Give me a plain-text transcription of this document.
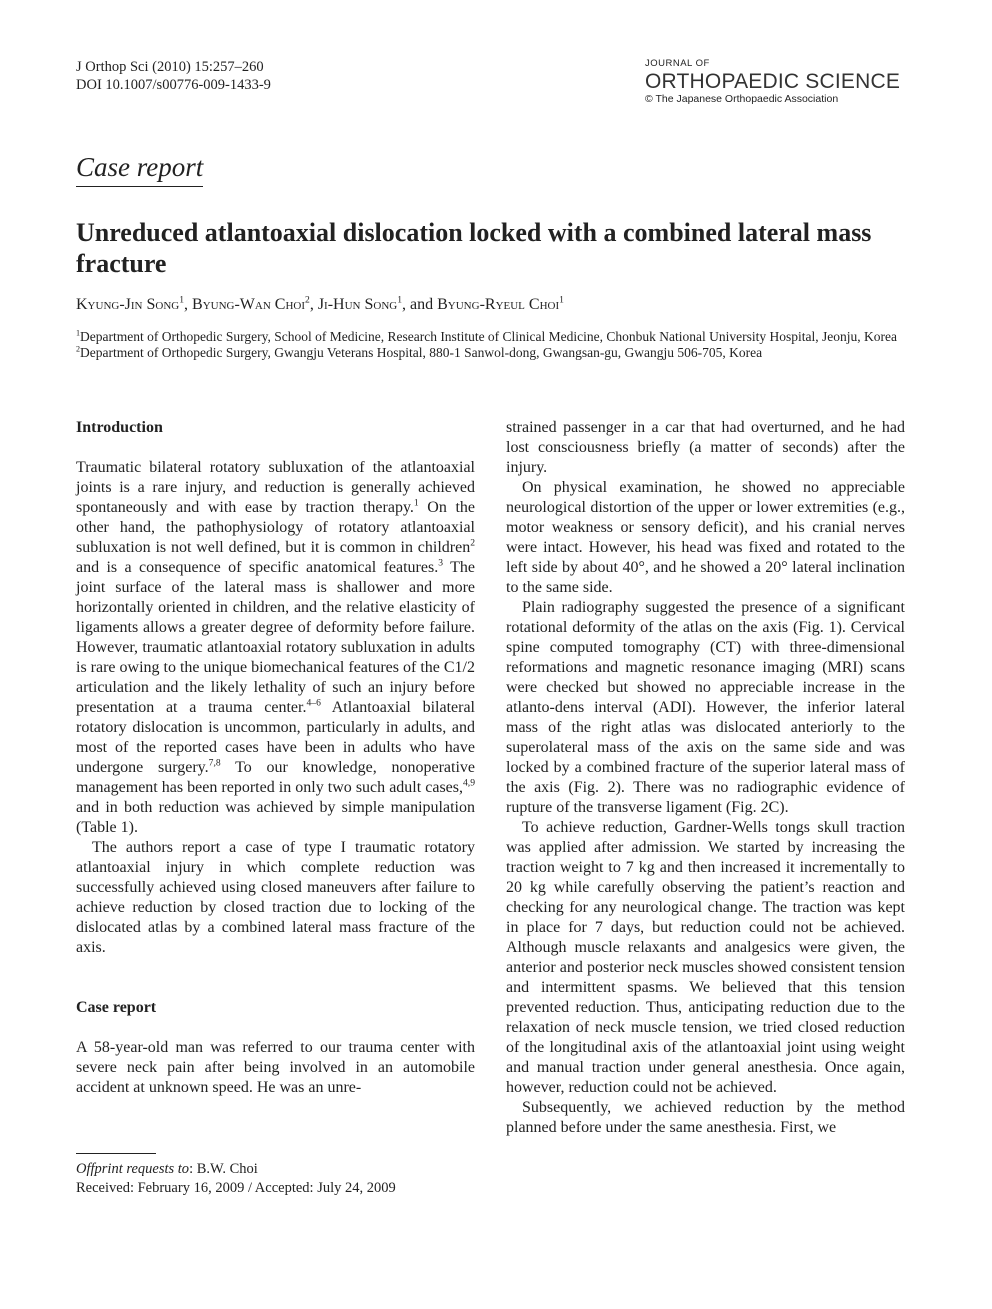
J Orthop Sci (2010) 15:257–260
DOI 10.1007/s00776-009-1433-9
JOURNAL OF
ORTHOPAEDIC SCIENCE
© The Japanese Orthopaedic Association
Case report
Unreduced atlantoaxial dislocation locked with a combined lateral mass fracture
Kyung-Jin Song$^1$, Byung-Wan Choi$^2$, Ji-Hun Song$^1$, and Byung-Ryeul Choi$^1$
$^1$Department of Orthopedic Surgery, School of Medicine, Research Institute of Clinical Medicine, Chonbuk National University Hospital, Jeonju, Korea
$^2$Department of Orthopedic Surgery, Gwangju Veterans Hospital, 880-1 Sanwol-dong, Gwangsan-gu, Gwangju 506-705, Korea
Introduction

Traumatic bilateral rotatory subluxation of the atlantoaxial joints is a rare injury, and reduction is generally achieved spontaneously and with ease by traction therapy.$^1$ On the other hand, the pathophysiology of rotatory atlantoaxial subluxation is not well defined, but it is common in children$^2$ and is a consequence of specific anatomical features.$^3$ The joint surface of the lateral mass is shallower and more horizontally oriented in children, and the relative elasticity of ligaments allows a greater degree of deformity before failure. However, traumatic atlantoaxial rotatory subluxation in adults is rare owing to the unique biomechanical features of the C1/2 articulation and the likely lethality of such an injury before presentation at a trauma center.$^{4-6}$ Atlantoaxial bilateral rotatory dislocation is uncommon, particularly in adults, and most of the reported cases have been in adults who have undergone surgery.$^{7,8}$ To our knowledge, nonoperative management has been reported in only two such adult cases,$^{4,9}$ and in both reduction was achieved by simple manipulation (Table 1).

The authors report a case of type I traumatic rotatory atlantoaxial injury in which complete reduction was successfully achieved using closed maneuvers after failure to achieve reduction by closed traction due to locking of the dislocated atlas by a combined lateral mass fracture of the axis.

Case report

A 58-year-old man was referred to our trauma center with severe neck pain after being involved in an automobile accident at unknown speed. He was an unre-

strained passenger in a car that had overturned, and he had lost consciousness briefly (a matter of seconds) after the injury.

On physical examination, he showed no appreciable neurological distortion of the upper or lower extremities (e.g., motor weakness or sensory deficit), and his cranial nerves were intact. However, his head was fixed and rotated to the left side by about 40°, and he showed a 20° lateral inclination to the same side.

Plain radiography suggested the presence of a significant rotational deformity of the atlas on the axis (Fig. 1). Cervical spine computed tomography (CT) with three-dimensional reformations and magnetic resonance imaging (MRI) scans were checked but showed no appreciable increase in the atlanto-dens interval (ADI). However, the inferior lateral mass of the right atlas was dislocated anteriorly to the superolateral mass of the axis on the same side and was locked by a combined fracture of the superior lateral mass of the axis (Fig. 2). There was no radiographic evidence of rupture of the transverse ligament (Fig. 2C).

To achieve reduction, Gardner-Wells tongs skull traction was applied after admission. We started by increasing the traction weight to 7 kg and then increased it incrementally to 20 kg while carefully observing the patient’s reaction and checking for any neurological change. The traction was kept in place for 7 days, but reduction could not be achieved. Although muscle relaxants and analgesics were given, the anterior and posterior neck muscles showed consistent tension and intermittent spasms. We believed that this tension prevented reduction. Thus, anticipating reduction due to the relaxation of neck muscle tension, we tried closed reduction of the longitudinal axis of the atlantoaxial joint using weight and manual traction under general anesthesia. Once again, however, reduction could not be achieved.

Subsequently, we achieved reduction by the method planned before under the same anesthesia. First, we

Offprint requests to: B.W. Choi
Received: February 16, 2009 / Accepted: July 24, 2009
